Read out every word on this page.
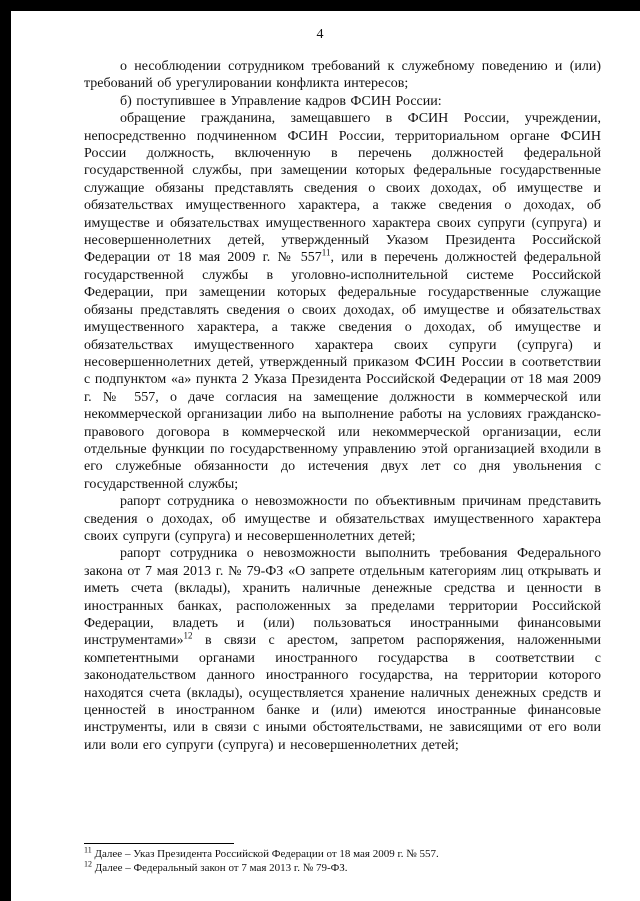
4

о несоблюдении сотрудником требований к служебному поведению и (или) требований об урегулировании конфликта интересов;

б) поступившее в Управление кадров ФСИН России:

обращение гражданина, замещавшего в ФСИН России, учреждении, непосредственно подчиненном ФСИН России, территориальном органе ФСИН России должность, включенную в перечень должностей федеральной государственной службы, при замещении которых федеральные государственные служащие обязаны представлять сведения о своих доходах, об имуществе и обязательствах имущественного характера, а также сведения о доходах, об имуществе и обязательствах имущественного характера своих супруги (супруга) и несовершеннолетних детей, утвержденный Указом Президента Российской Федерации от 18 мая 2009 г. № $557^{11}$, или в перечень должностей федеральной государственной службы в уголовно-исполнительной системе Российской Федерации, при замещении которых федеральные государственные служащие обязаны представлять сведения о своих доходах, об имуществе и обязательствах имущественного характера, а также сведения о доходах, об имуществе и обязательствах имущественного характера своих супруги (супруга) и несовершеннолетних детей, утвержденный приказом ФСИН России в соответствии с подпунктом «а» пункта 2 Указа Президента Российской Федерации от 18 мая 2009 г. № 557, о даче согласия на замещение должности в коммерческой или некоммерческой организации либо на выполнение работы на условиях гражданско-правового договора в коммерческой или некоммерческой организации, если отдельные функции по государственному управлению этой организацией входили в его служебные обязанности до истечения двух лет со дня увольнения с государственной службы;

рапорт сотрудника о невозможности по объективным причинам представить сведения о доходах, об имуществе и обязательствах имущественного характера своих супруги (супруга) и несовершеннолетних детей;

рапорт сотрудника о невозможности выполнить требования Федерального закона от 7 мая 2013 г. № 79-ФЗ «О запрете отдельным категориям лиц открывать и иметь счета (вклады), хранить наличные денежные средства и ценности в иностранных банках, расположенных за пределами территории Российской Федерации, владеть и (или) пользоваться иностранными финансовыми инструментами»$^{12}$ в связи с арестом, запретом распоряжения, наложенными компетентными органами иностранного государства в соответствии с законодательством данного иностранного государства, на территории которого находятся счета (вклады), осуществляется хранение наличных денежных средств и ценностей в иностранном банке и (или) имеются иностранные финансовые инструменты, или в связи с иными обстоятельствами, не зависящими от его воли или воли его супруги (супруга) и несовершеннолетних детей;

$^{11}$ Далее – Указ Президента Российской Федерации от 18 мая 2009 г. № 557.

$^{12}$ Далее – Федеральный закон от 7 мая 2013 г. № 79-ФЗ.
